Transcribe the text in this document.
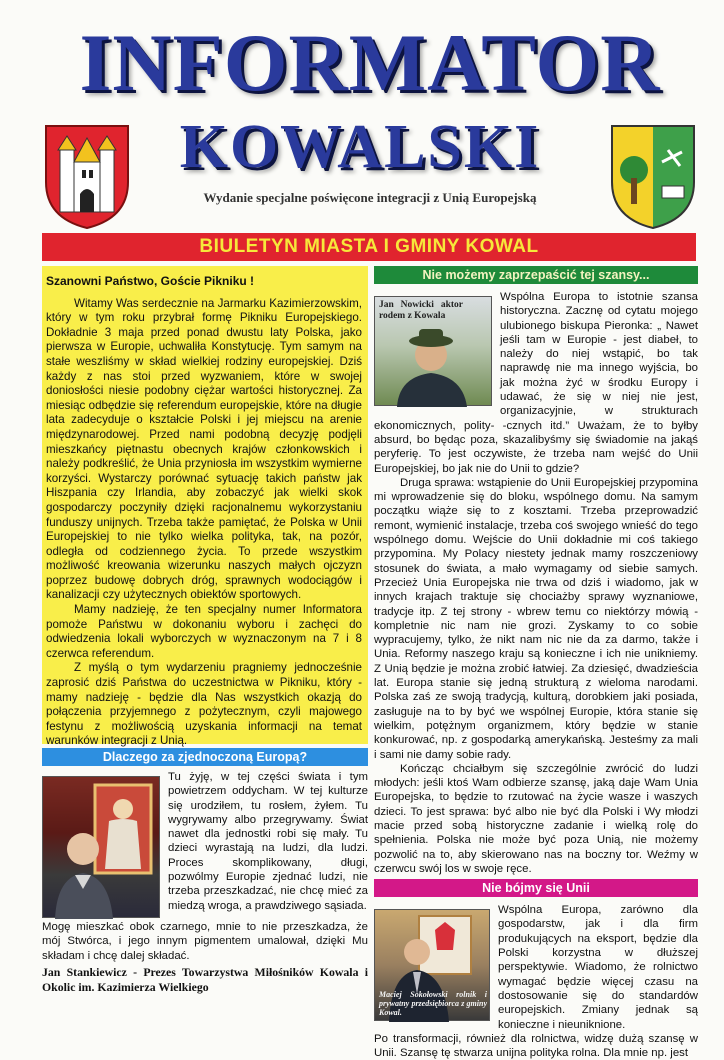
INFORMATOR
KOWALSKI
Wydanie specjalne poświęcone integracji z Unią Europejską
BIULETYN MIASTA I GMINY KOWAL
Szanowni Państwo, Goście Pikniku !

Witamy Was serdecznie na Jarmarku Kazimierzowskim, który w tym roku przybrał formę Pikniku Europejskiego. Dokładnie 3 maja przed ponad dwustu laty Polska, jako pierwsza w Europie, uchwaliła Konstytucję. Tym samym na stałe weszliśmy w skład wielkiej rodziny europejskiej. Dziś każdy z nas stoi przed wyzwaniem, które w swojej doniosłości niesie podobny ciężar wartości historycznej. Za miesiąc odbędzie się referendum europejskie, które na długie lata zadecyduje o kształcie Polski i jej miejscu na arenie międzynarodowej. Przed nami podobną decyzję podjęli mieszkańcy piętnastu obecnych krajów członkowskich i należy podkreślić, że Unia przyniosła im wszystkim wymierne korzyści. Wystarczy porównać sytuację takich państw jak Hiszpania czy Irlandia, aby zobaczyć jak wielki skok gospodarczy poczyniły dzięki racjonalnemu wykorzystaniu funduszy unijnych. Trzeba także pamiętać, że Polska w Unii Europejskiej to nie tylko wielka polityka, tak, na pozór, odległa od codziennego życia. To przede wszystkim możliwość kreowania wizerunku naszych małych ojczyzn poprzez budowę dobrych dróg, sprawnych wodociągów i kanalizacji czy użytecznych obiektów sportowych.

Mamy nadzieję, że ten specjalny numer Informatora pomoże Państwu w dokonaniu wyboru i zachęci do odwiedzenia lokali wyborczych w wyznaczonym na 7 i 8 czerwca referendum.

Z myślą o tym wydarzeniu pragniemy jednocześnie zaprosić dziś Państwa do uczestnictwa w Pikniku, który - mamy nadzieję - będzie dla Nas wszystkich okazją do połączenia przyjemnego z pożytecznym, czyli majowego festynu z możliwością uzyskania informacji na temat warunków integracji z Unią.

Dlaczego za zjednoczoną Europą?
Tu żyję, w tej części świata i tym powietrzem oddycham. W tej kulturze się urodziłem, tu rosłem, żyłem. Tu wygrywamy albo przegrywamy. Świat nawet dla jednostki robi się mały. Tu dzieci wyrastają na ludzi, dla ludzi. Proces skomplikowany, długi, pozwólmy Europie zjednać ludzi, nie trzeba przeszkadzać, nie chcę mieć za miedzą wroga, a prawdziwego sąsiada.
Mogę mieszkać obok czarnego, mnie to nie przeszkadza, że mój Stwórca, i jego innym pigmentem umalował, dzięki Mu składam i chcę dalej składać.
Jan Stankiewicz - Prezes Towarzystwa Miłośników Kowala i Okolic im. Kazimierza Wielkiego
Nie możemy zaprzepaścić tej szansy...
Jan Nowicki aktor rodem z Kowala
Wspólna Europa to istotnie szansa historyczna. Zacznę od cytatu mojego ulubionego biskupa Pieronka: „ Nawet jeśli tam w Europie - jest diabeł, to należy do niej wstąpić, bo tak naprawdę nie ma innego wyjścia, bo jak można żyć w środku Europy i udawać, że się w niej nie jest, organizacyjnie, w strukturach ekonomicznych, polity- -cznych itd.” Uważam, że to byłby absurd, bo będąc poza, skazalibyśmy się świadomie na jakąś peryferię. To jest oczywiste, że trzeba nam wejść do Unii Europejskiej, bo jak nie do Unii to gdzie?

Druga sprawa: wstąpienie do Unii Europejskiej przypomina mi wprowadzenie się do bloku, wspólnego domu. Na samym początku wiąże się to z kosztami. Trzeba przeprowadzić remont, wymienić instalacje, trzeba coś swojego wnieść do tego wspólnego domu. Wejście do Unii dokładnie mi coś takiego przypomina. My Polacy niestety jednak mamy roszczeniowy stosunek do świata, a mało wymagamy od siebie samych. Przecież Unia Europejska nie trwa od dziś i wiadomo, jak w innych krajach traktuje się chociażby sprawy wyznaniowe, tradycje itp. Z tej strony - wbrew temu co niektórzy mówią - kompletnie nic nam nie grozi. Zyskamy to co sobie wypracujemy, tylko, że nikt nam nic nie da za darmo, także i Unia. Reformy naszego kraju są konieczne i ich nie unikniemy. Z Unią będzie je można zrobić łatwiej. Za dziesięć, dwadzieścia lat. Europa stanie się jedną strukturą z wieloma narodami. Polska zaś ze swoją tradycją, kulturą, dorobkiem jaki posiada, zasługuje na to by być we wspólnej Europie, która stanie się wielkim, potężnym organizmem, który będzie w stanie konkurować, np. z gospodarką amerykańską. Jesteśmy za mali i sami nie damy sobie rady.

Kończąc chciałbym się szczególnie zwrócić do ludzi młodych: jeśli ktoś Wam odbierze szansę, jaką daje Wam Unia Europejska, to będzie to rzutować na życie wasze i waszych dzieci. To jest sprawa: być albo nie być dla Polski i Wy młodzi macie przed sobą historyczne zadanie i wielką rolę do spełnienia. Polska nie może być poza Unią, nie możemy pozwolić na to, aby skierowano nas na boczny tor. Weźmy w czerwcu swój los w swoje ręce.

Nie bójmy się Unii
Maciej Sokołowski rolnik i prywatny przedsiębiorca z gminy Kowal.
Wspólna Europa, zarówno dla gospodarstw, jak i dla firm produkujących na eksport, będzie dla Polski korzystna w dłuższej perspektywie. Wiadomo, że rolnictwo wymagać będzie więcej czasu na dostosowanie się do standardów europejskich. Zmiany jednak są konieczne i nieuniknione.
Po transformacji, również dla rolnictwa, widzę dużą szansę w Unii. Szansę tę stwarza unijna polityka rolna. Dla mnie np. jest
